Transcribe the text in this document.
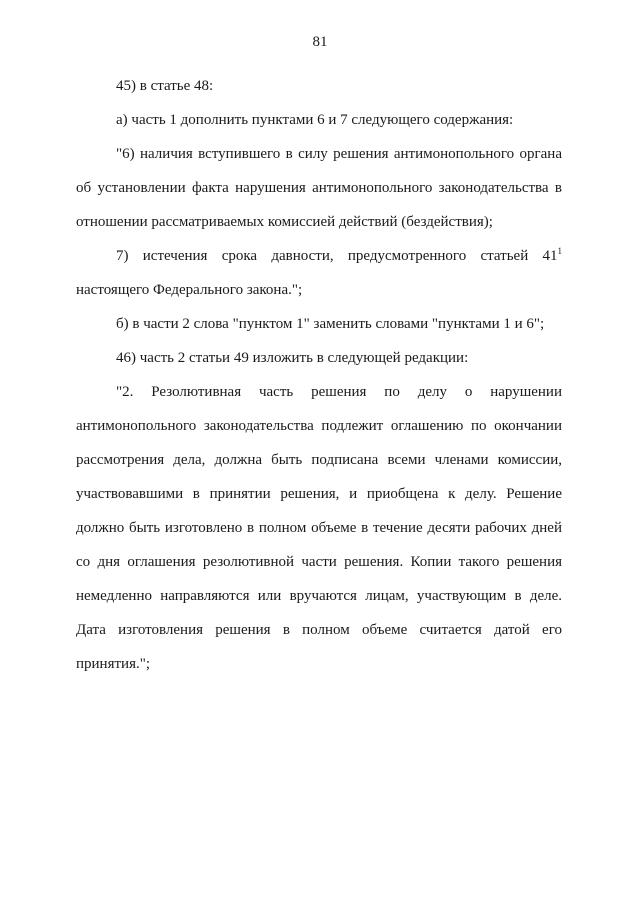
81
45) в статье 48:
а) часть 1 дополнить пунктами 6 и 7 следующего содержания:
"6) наличия вступившего в силу решения антимонопольного органа
об установлении факта нарушения антимонопольного законодательства в
отношении рассматриваемых комиссией действий (бездействия);
7) истечения срока давности, предусмотренного статьей $41^1$
настоящего Федерального закона.";
б) в части 2 слова "пунктом 1" заменить словами "пунктами 1 и 6";
46) часть 2 статьи 49 изложить в следующей редакции:
"2. Резолютивная часть решения по делу о нарушении
антимонопольного законодательства подлежит оглашению по окончании
рассмотрения дела, должна быть подписана всеми членами комиссии,
участвовавшими в принятии решения, и приобщена к делу. Решение
должно быть изготовлено в полном объеме в течение десяти рабочих дней
со дня оглашения резолютивной части решения. Копии такого решения
немедленно направляются или вручаются лицам, участвующим в деле.
Дата изготовления решения в полном объеме считается датой его
принятия.";
